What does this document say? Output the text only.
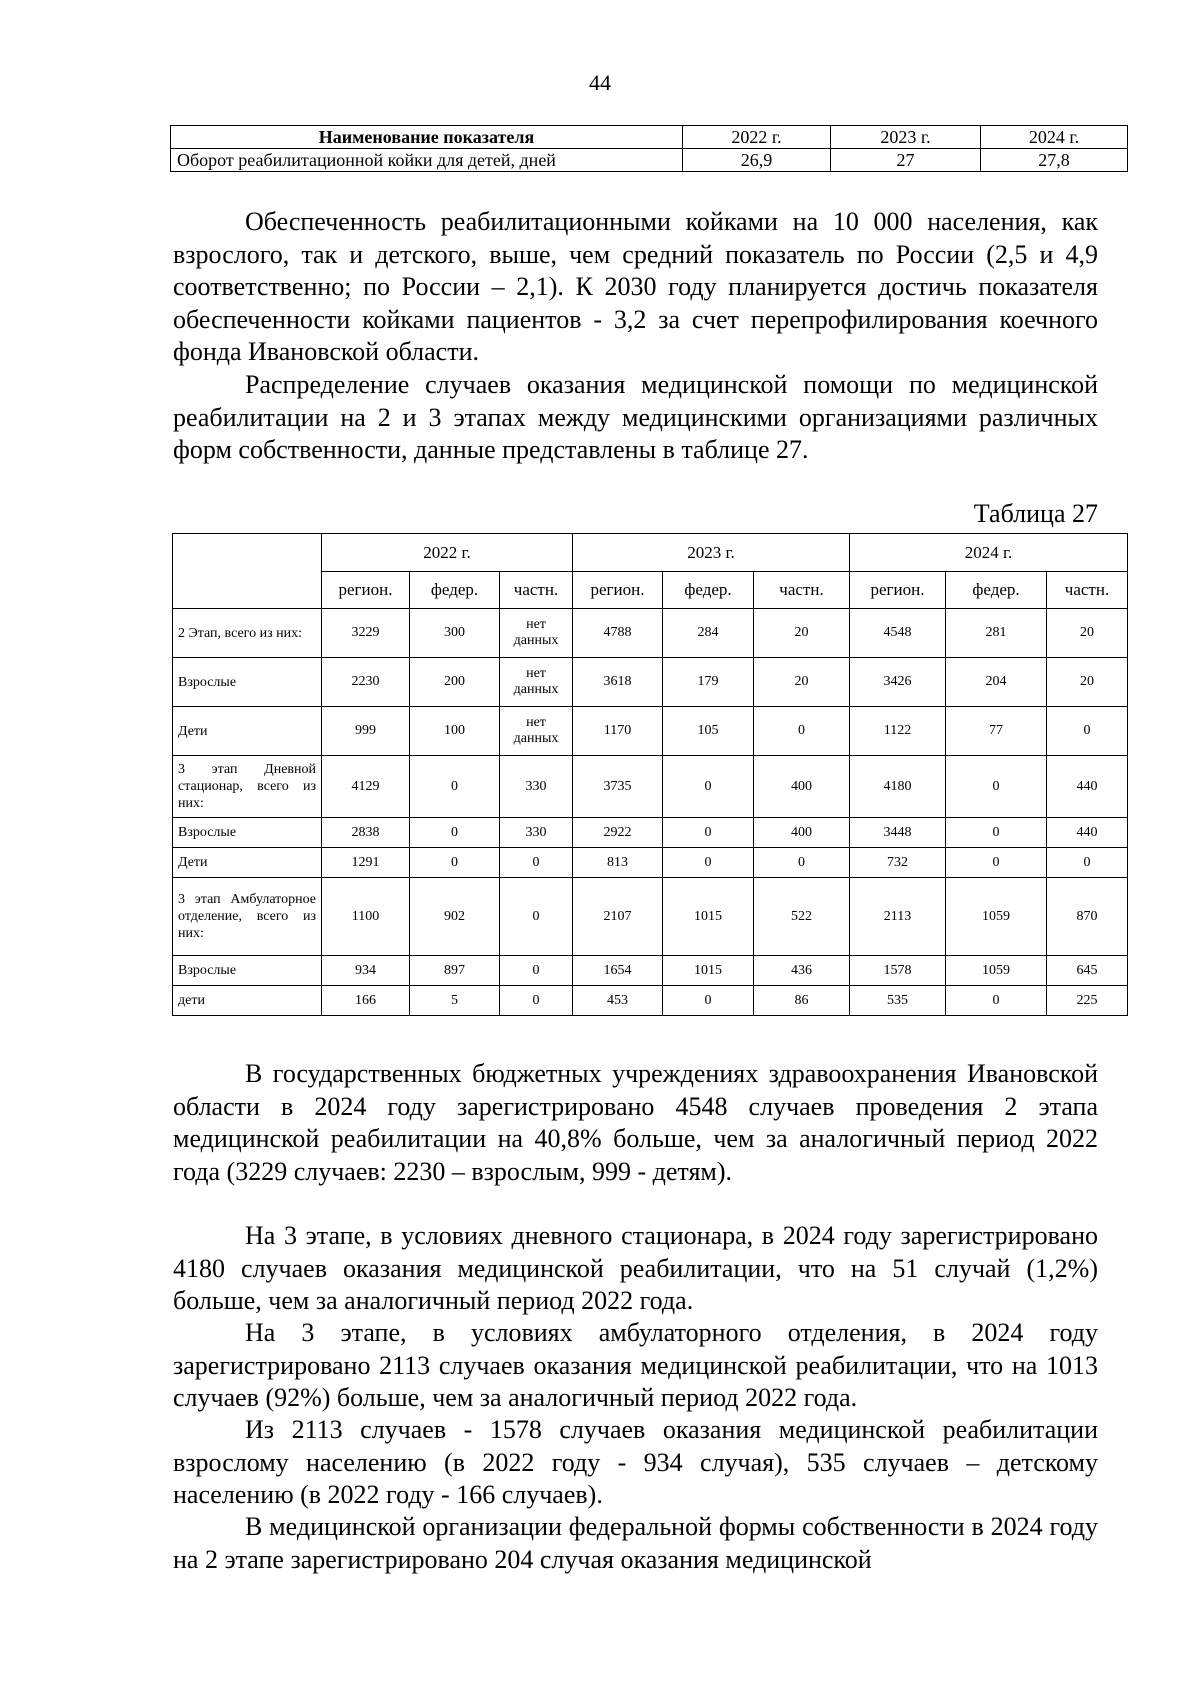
44
Наименование показателя	2022 г.	2023 г.	2024 г.
Оборот реабилитационной койки для детей, дней	26,9	27	27,8

Обеспеченность реабилитационными койками на 10 000 населения, как взрослого, так и детского, выше, чем средний показатель по России (2,5 и 4,9 соответственно; по России – 2,1). К 2030 году планируется достичь показателя обеспеченности койками пациентов - 3,2 за счет перепрофилирования коечного фонда Ивановской области.

Распределение случаев оказания медицинской помощи по медицинской реабилитации на 2 и 3 этапах между медицинскими организациями различных форм собственности, данные представлены в таблице 27.

Таблица 27

	2022 г.			2023 г.			2024 г.		
	регион.	федер.	частн.	регион.	федер.	частн.	регион.	федер.	частн.
2 Этап, всего из них:	3229	300	нет данных	4788	284	20	4548	281	20
Взрослые	2230	200	нет данных	3618	179	20	3426	204	20
Дети	999	100	нет данных	1170	105	0	1122	77	0
3 этап Дневной стационар, всего из них:	4129	0	330	3735	0	400	4180	0	440
Взрослые	2838	0	330	2922	0	400	3448	0	440
Дети	1291	0	0	813	0	0	732	0	0
3 этап Амбулаторное отделение, всего из них:	1100	902	0	2107	1015	522	2113	1059	870
Взрослые	934	897	0	1654	1015	436	1578	1059	645
дети	166	5	0	453	0	86	535	0	225

В государственных бюджетных учреждениях здравоохранения Ивановской области в 2024 году зарегистрировано 4548 случаев проведения 2 этапа медицинской реабилитации на 40,8% больше, чем за аналогичный период 2022 года (3229 случаев: 2230 – взрослым, 999 - детям).

На 3 этапе, в условиях дневного стационара, в 2024 году зарегистрировано 4180 случаев оказания медицинской реабилитации, что на 51 случай (1,2%) больше, чем за аналогичный период 2022 года.

На 3 этапе, в условиях амбулаторного отделения, в 2024 году зарегистрировано 2113 случаев оказания медицинской реабилитации, что на 1013 случаев (92%) больше, чем за аналогичный период 2022 года.

Из 2113 случаев - 1578 случаев оказания медицинской реабилитации взрослому населению (в 2022 году - 934 случая), 535 случаев – детскому населению (в 2022 году - 166 случаев).

В медицинской организации федеральной формы собственности в 2024 году на 2 этапе зарегистрировано 204 случая оказания медицинской
